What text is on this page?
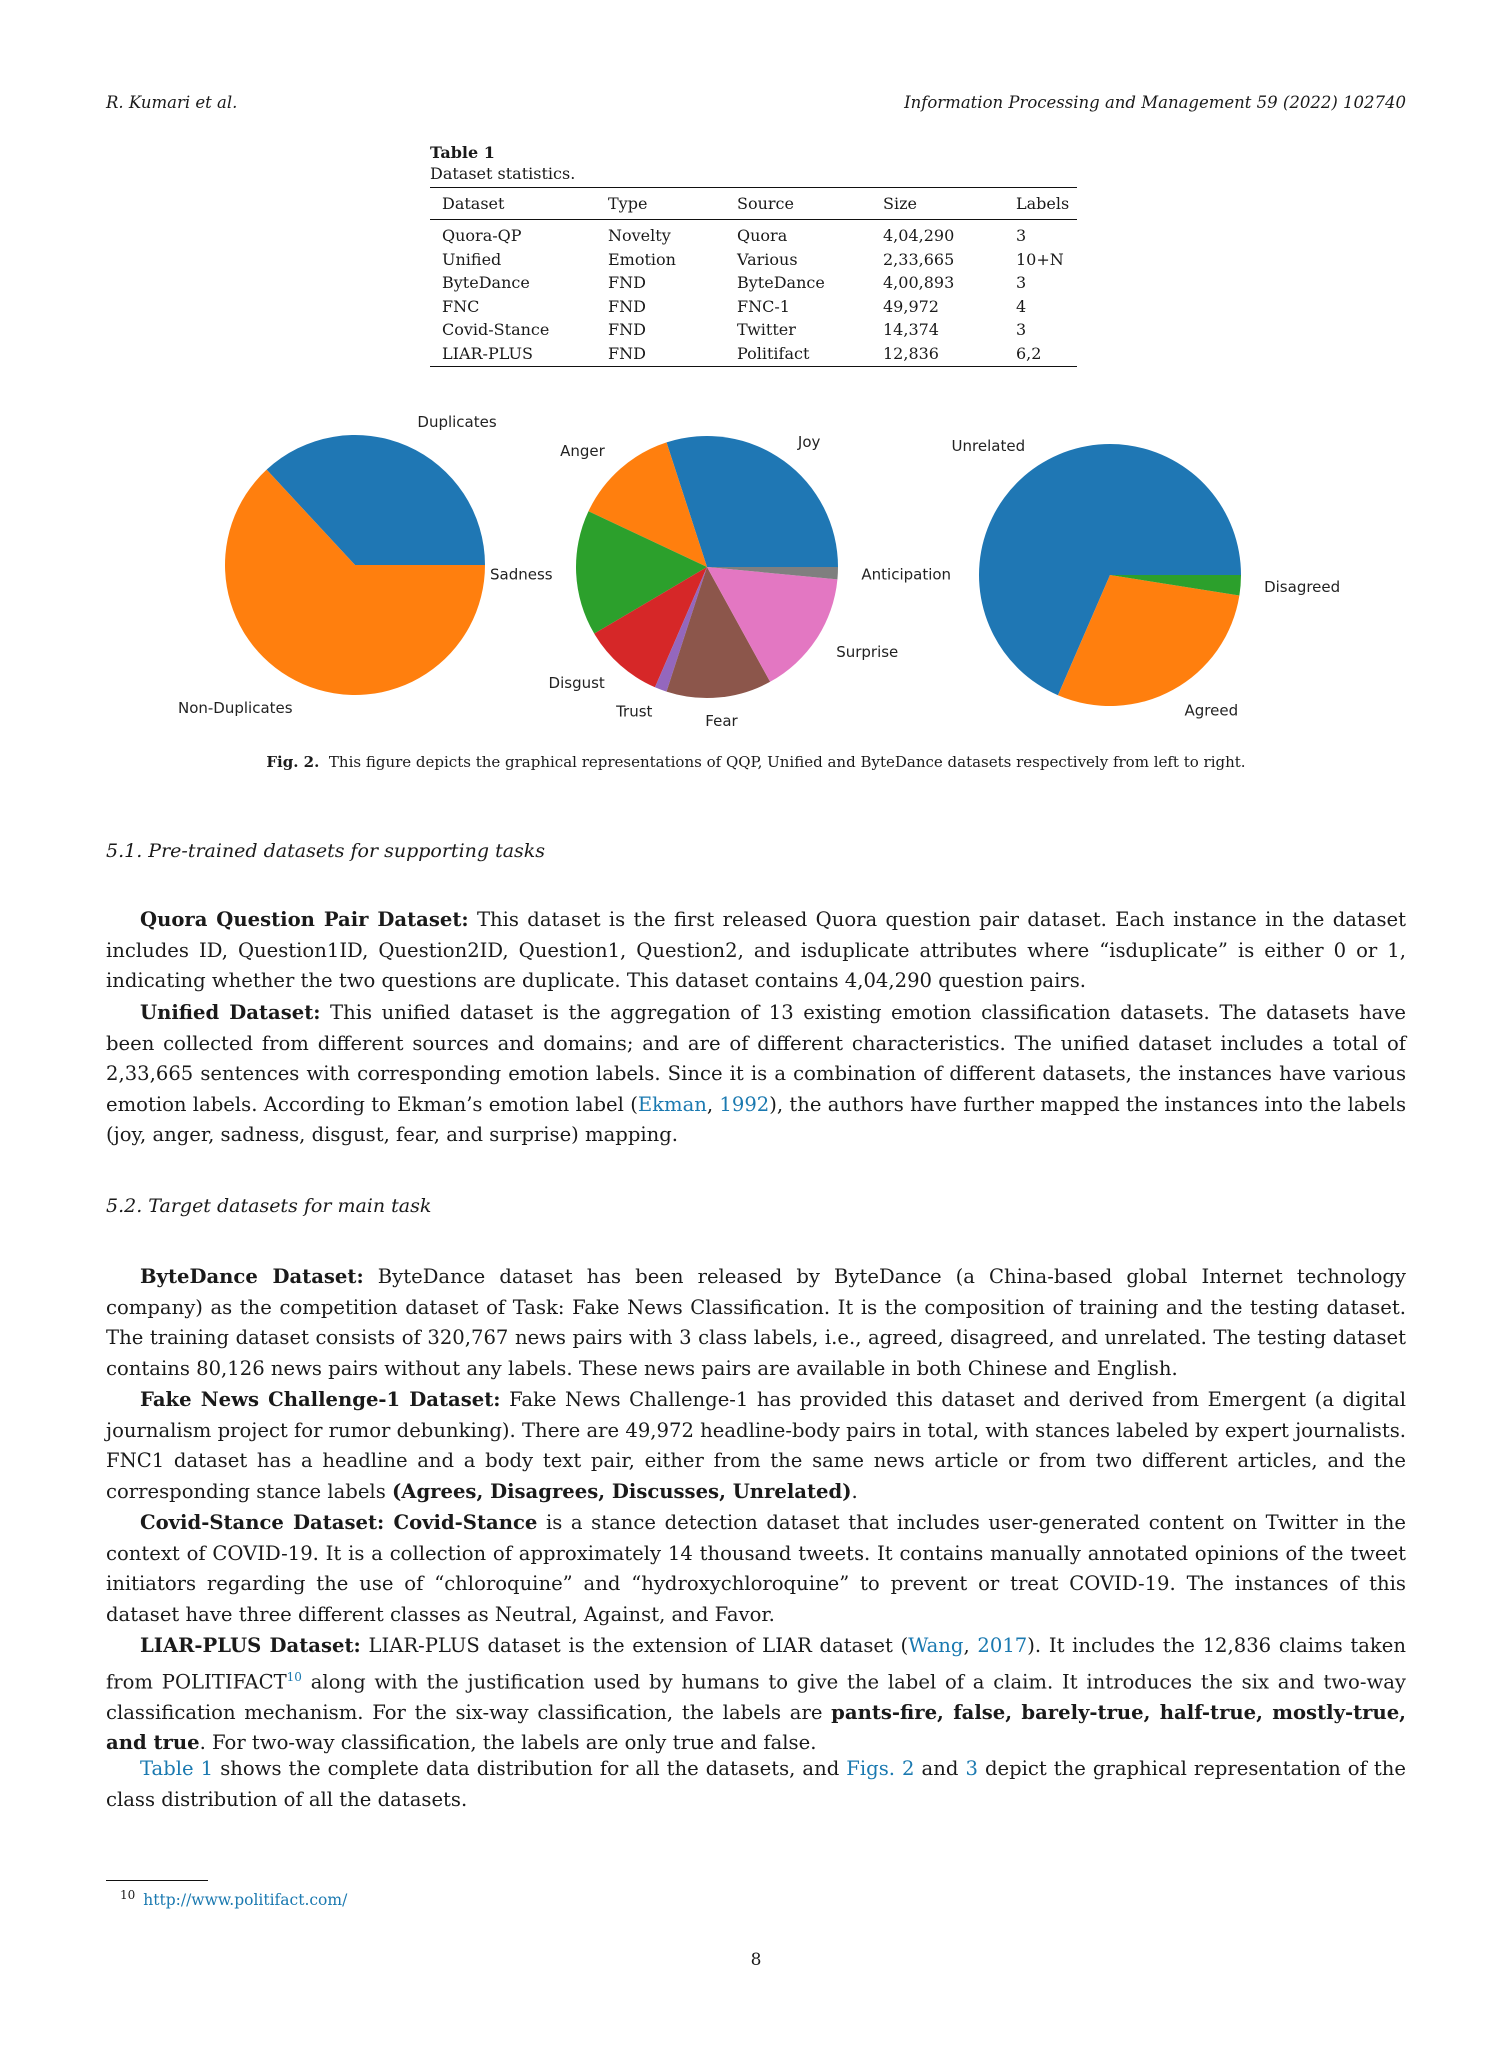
R. Kumari et al.	Information Processing and Management 59 (2022) 102740
Table 1
Dataset statistics.
Dataset	Type	Source	Size	Labels
Quora-QP	Novelty	Quora	4,04,290	3
Unified	Emotion	Various	2,33,665	10+N
ByteDance	FND	ByteDance	4,00,893	3
FNC	FND	FNC-1	49,972	4
Covid-Stance	FND	Twitter	14,374	3
LIAR-PLUS	FND	Politifact	12,836	6,2
Duplicates
Non-Duplicates
Joy
Anger
Sadness
Disgust
Trust
Fear
Surprise
Anticipation
Unrelated
Agreed
Disagreed
Fig. 2. This figure depicts the graphical representations of QQP, Unified and ByteDance datasets respectively from left to right.
5.1. Pre-trained datasets for supporting tasks

Quora Question Pair Dataset: This dataset is the first released Quora question pair dataset. Each instance in the dataset includes ID, Question1ID, Question2ID, Question1, Question2, and isduplicate attributes where “isduplicate” is either 0 or 1, indicating whether the two questions are duplicate. This dataset contains 4,04,290 question pairs.

Unified Dataset: This unified dataset is the aggregation of 13 existing emotion classification datasets. The datasets have been collected from different sources and domains; and are of different characteristics. The unified dataset includes a total of 2,33,665 sentences with corresponding emotion labels. Since it is a combination of different datasets, the instances have various emotion labels. According to Ekman’s emotion label (Ekman, 1992), the authors have further mapped the instances into the labels (joy, anger, sadness, disgust, fear, and surprise) mapping.

5.2. Target datasets for main task

ByteDance Dataset: ByteDance dataset has been released by ByteDance (a China-based global Internet technology company) as the competition dataset of Task: Fake News Classification. It is the composition of training and the testing dataset. The training dataset consists of 320,767 news pairs with 3 class labels, i.e., agreed, disagreed, and unrelated. The testing dataset contains 80,126 news pairs without any labels. These news pairs are available in both Chinese and English.

Fake News Challenge-1 Dataset: Fake News Challenge-1 has provided this dataset and derived from Emergent (a digital journalism project for rumor debunking). There are 49,972 headline-body pairs in total, with stances labeled by expert journalists. FNC1 dataset has a headline and a body text pair, either from the same news article or from two different articles, and the corresponding stance labels (Agrees, Disagrees, Discusses, Unrelated).

Covid-Stance Dataset: Covid-Stance is a stance detection dataset that includes user-generated content on Twitter in the context of COVID-19. It is a collection of approximately 14 thousand tweets. It contains manually annotated opinions of the tweet initiators regarding the use of “chloroquine” and “hydroxychloroquine” to prevent or treat COVID-19. The instances of this dataset have three different classes as Neutral, Against, and Favor.

LIAR-PLUS Dataset: LIAR-PLUS dataset is the extension of LIAR dataset (Wang, 2017). It includes the 12,836 claims taken from POLITIFACT$^{10}$ along with the justification used by humans to give the label of a claim. It introduces the six and two-way classification mechanism. For the six-way classification, the labels are pants-fire, false, barely-true, half-true, mostly-true, and true. For two-way classification, the labels are only true and false.

Table 1 shows the complete data distribution for all the datasets, and Figs. 2 and 3 depict the graphical representation of the class distribution of all the datasets.

$^{10}$ http://www.politifact.com/
8
